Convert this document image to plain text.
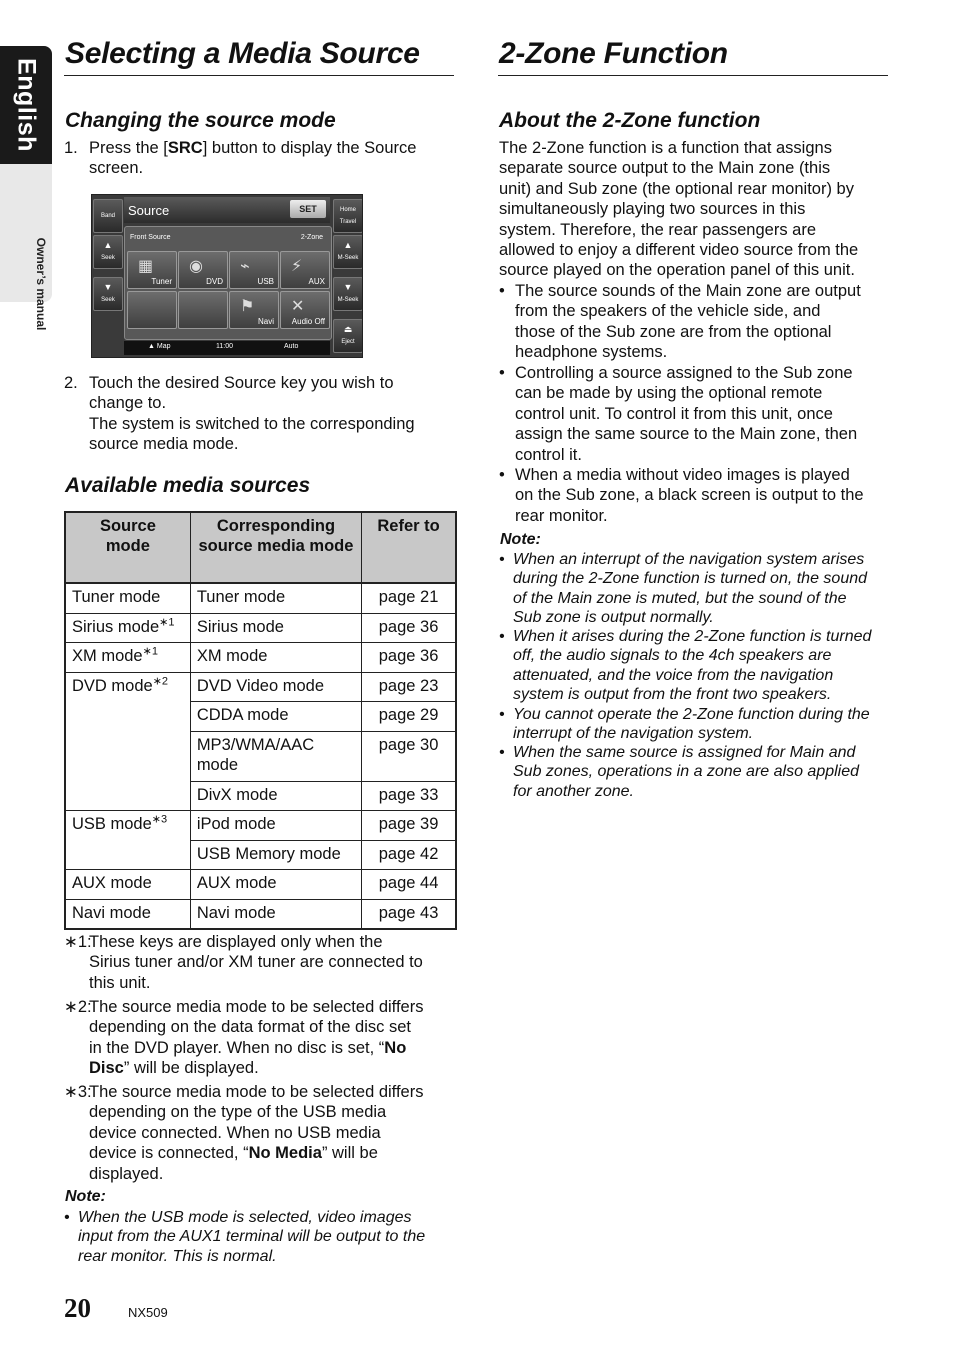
English
Owner’s manual
Selecting a Media Source
Changing the source mode
1. Press the [SRC] button to display the Source
screen.
Band
▲
Seek
▼
Seek
Source	SET
Front Source	2-Zone
▦
Tuner
◉
DVD
⌁
USB
⚡
AUX
⚑
Navi
✕
Audio Off
▲ Map	11:00	Auto
Home
Travel
▲
M-Seek
▼
M-Seek
⏏
Eject
2. Touch the desired Source key you wish to
change to.
The system is switched to the corresponding
source media mode.
Available media sources
Source mode	Corresponding source media mode	Refer to
Tuner mode	Tuner mode	page 21
Sirius mode$^{∗1}$	Sirius mode	page 36
XM mode$^{∗1}$	XM mode	page 36
DVD mode$^{∗2}$	DVD Video mode	page 23
	CDDA mode	page 29
	MP3/WMA/AAC mode	page 30
	DivX mode	page 33
USB mode$^{∗3}$	iPod mode	page 39
	USB Memory mode	page 42
AUX mode	AUX mode	page 44
Navi mode	Navi mode	page 43
∗1:
These keys are displayed only when the
Sirius tuner and/or XM tuner are connected to
this unit.
∗2:
The source media mode to be selected differs
depending on the data format of the disc set
in the DVD player. When no disc is set, “No
Disc” will be displayed.
∗3:
The source media mode to be selected differs
depending on the type of the USB media
device connected. When no USB media
device is connected, “No Media” will be
displayed.
Note:
• When the USB mode is selected, video images
input from the AUX1 terminal will be output to the
rear monitor. This is normal.
2-Zone Function
About the 2-Zone function
The 2-Zone function is a function that assigns
separate source output to the Main zone (this
unit) and Sub zone (the optional rear monitor) by
simultaneously playing two sources in this
system. Therefore, the rear passengers are
allowed to enjoy a different video source from the
source played on the operation panel of this unit.
• The source sounds of the Main zone are output
from the speakers of the vehicle side, and
those of the Sub zone are from the optional
headphone systems.
• Controlling a source assigned to the Sub zone
can be made by using the optional remote
control unit. To control it from this unit, once
assign the same source to the Main zone, then
control it.
• When a media without video images is played
on the Sub zone, a black screen is output to the
rear monitor.
Note:
• When an interrupt of the navigation system arises
during the 2-Zone function is turned on, the sound
of the Main zone is muted, but the sound of the
Sub zone is output normally.
• When it arises during the 2-Zone function is turned
off, the audio signals to the 4ch speakers are
attenuated, and the voice from the navigation
system is output from the front two speakers.
• You cannot operate the 2-Zone function during the
interrupt of the navigation system.
• When the same source is assigned for Main and
Sub zones, operations in a zone are also applied
for another zone.
20	NX509
